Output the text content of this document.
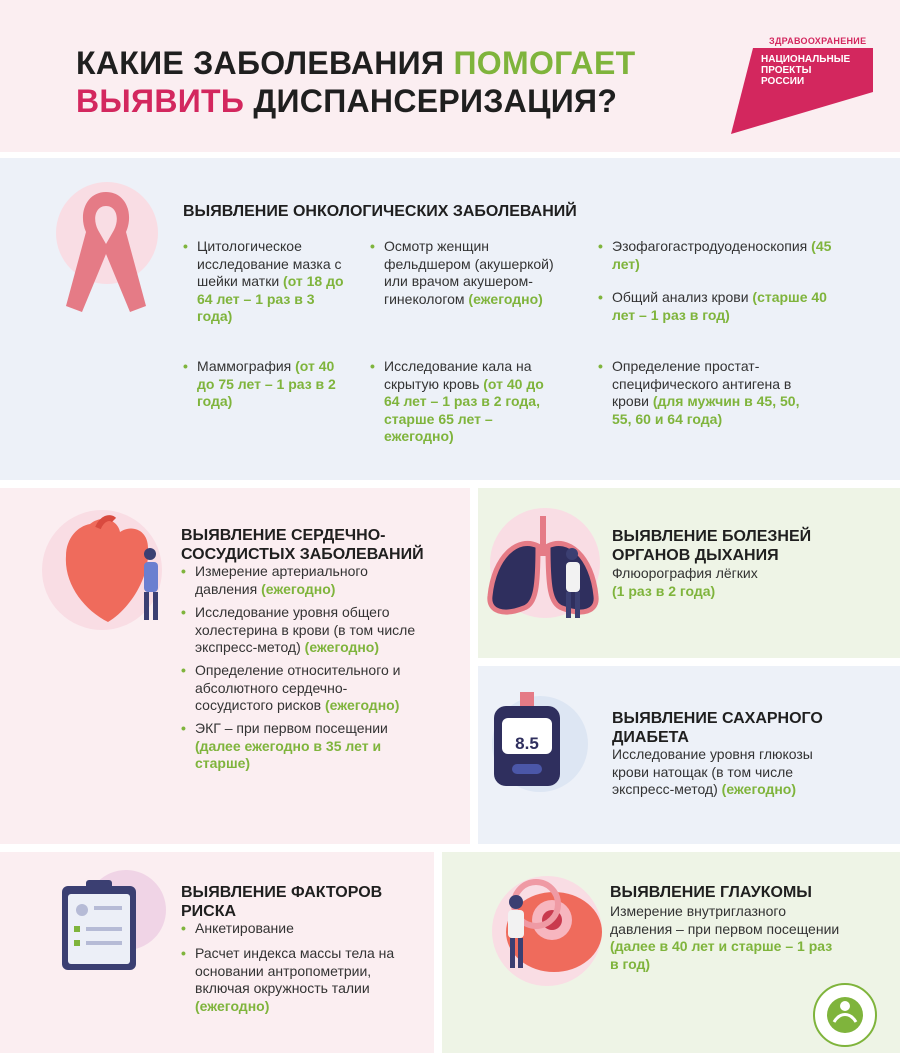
КАКИЕ ЗАБОЛЕВАНИЯ ПОМОГАЕТ
ВЫЯВИТЬ ДИСПАНСЕРИЗАЦИЯ?
ЗДРАВООХРАНЕНИЕ
НАЦИОНАЛЬНЫЕ
ПРОЕКТЫ
РОССИИ
ВЫЯВЛЕНИЕ ОНКОЛОГИЧЕСКИХ ЗАБОЛЕВАНИЙ
• Цитологическое исследование мазка с шейки матки (от 18 до 64 лет – 1 раз в 3 года)
• Маммография (от 40 до 75 лет – 1 раз в 2 года)
• Осмотр женщин фельдшером (акушеркой) или врачом акушером-гинекологом (ежегодно)
• Исследование кала на скрытую кровь (от 40 до 64 лет – 1 раз в 2 года, старше 65 лет – ежегодно)
• Эзофагогастродуоденоскопия (45 лет)
• Общий анализ крови (старше 40 лет – 1 раз в год)
• Определение простат-специфического антигена в крови (для мужчин в 45, 50, 55, 60 и 64 года)
ВЫЯВЛЕНИЕ СЕРДЕЧНО-СОСУДИСТЫХ ЗАБОЛЕВАНИЙ
• Измерение артериального давления (ежегодно)
• Исследование уровня общего холестерина в крови (в том числе экспресс-метод) (ежегодно)
• Определение относительного и абсолютного сердечно-сосудистого рисков (ежегодно)
• ЭКГ – при первом посещении (далее ежегодно в 35 лет и старше)
ВЫЯВЛЕНИЕ БОЛЕЗНЕЙ ОРГАНОВ ДЫХАНИЯ
Флюорография лёгких
(1 раз в 2 года)
8.5
ВЫЯВЛЕНИЕ САХАРНОГО ДИАБЕТА
Исследование уровня глюкозы крови натощак (в том числе экспресс-метод) (ежегодно)
ВЫЯВЛЕНИЕ ФАКТОРОВ РИСКА
• Анкетирование
• Расчет индекса массы тела на основании антропометрии, включая окружность талии (ежегодно)
ВЫЯВЛЕНИЕ ГЛАУКОМЫ
Измерение внутриглазного давления – при первом посещении (далее в 40 лет и старше – 1 раз в год)
